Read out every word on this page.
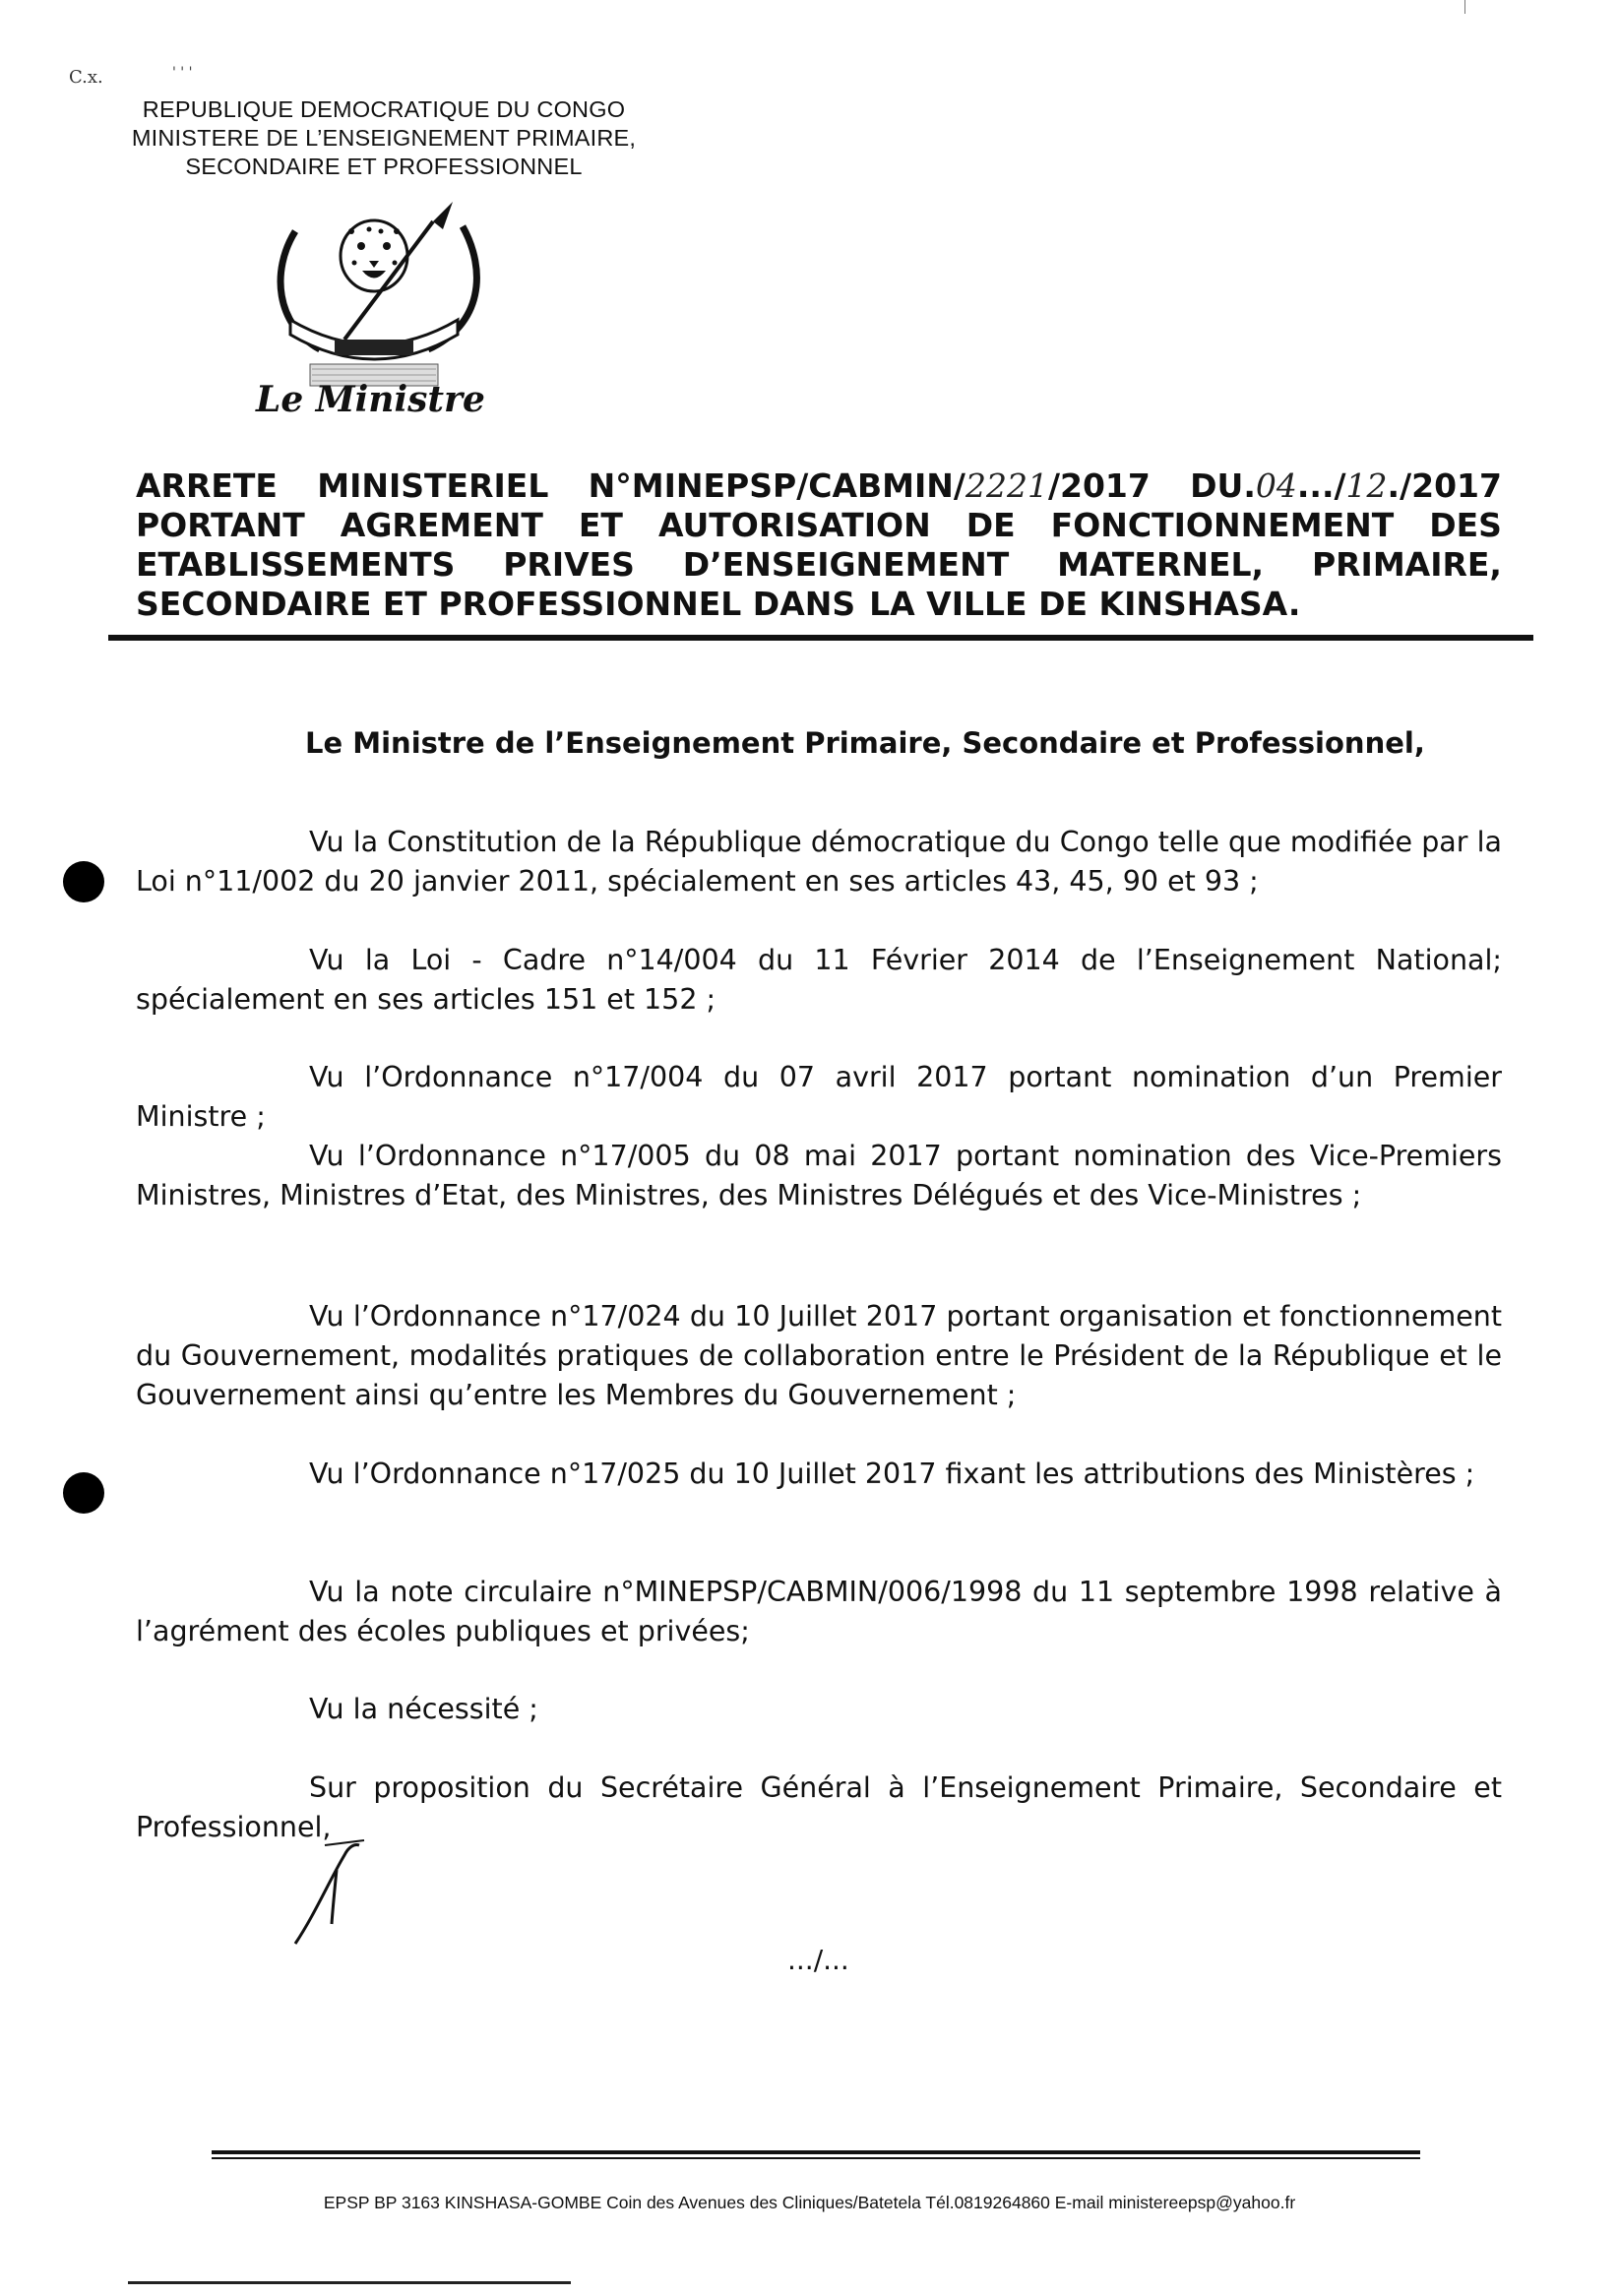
C.x.	' ' '
REPUBLIQUE DEMOCRATIQUE DU CONGO
MINISTERE DE L’ENSEIGNEMENT PRIMAIRE,
SECONDAIRE ET PROFESSIONNEL
Le Ministre
ARRETE MINISTERIEL N°MINEPSP/CABMIN/2221/2017 DU.04.../12./2017
PORTANT AGREMENT ET AUTORISATION DE FONCTIONNEMENT DES
ETABLISSEMENTS PRIVES D’ENSEIGNEMENT MATERNEL, PRIMAIRE,
SECONDAIRE ET PROFESSIONNEL DANS LA VILLE DE KINSHASA.
Le Ministre de l’Enseignement Primaire, Secondaire et Professionnel,
Vu la Constitution de la République démocratique du Congo telle que modifiée par la Loi n°11/002 du 20 janvier 2011, spécialement en ses articles 43, 45, 90 et 93 ;
Vu la Loi - Cadre n°14/004 du 11 Février 2014 de l’Enseignement National; spécialement en ses articles 151 et 152 ;
Vu l’Ordonnance n°17/004 du 07 avril 2017 portant nomination d’un Premier Ministre ;
Vu l’Ordonnance n°17/005 du 08 mai 2017 portant nomination des Vice-Premiers Ministres, Ministres d’Etat, des Ministres, des Ministres Délégués et des Vice-Ministres ;
Vu l’Ordonnance n°17/024 du 10 Juillet 2017 portant organisation et fonctionnement du Gouvernement, modalités pratiques de collaboration entre le Président de la République et le Gouvernement ainsi qu’entre les Membres du Gouvernement ;
Vu l’Ordonnance n°17/025 du 10 Juillet 2017 fixant les attributions des Ministères ;
Vu la note circulaire n°MINEPSP/CABMIN/006/1998 du 11 septembre 1998 relative à l’agrément des écoles publiques et privées;
Vu la nécessité ;
Sur proposition du Secrétaire Général à l’Enseignement Primaire, Secondaire et Professionnel,
.../...
EPSP BP 3163 KINSHASA-GOMBE Coin des Avenues des Cliniques/Batetela Tél.0819264860 E-mail ministereepsp@yahoo.fr
